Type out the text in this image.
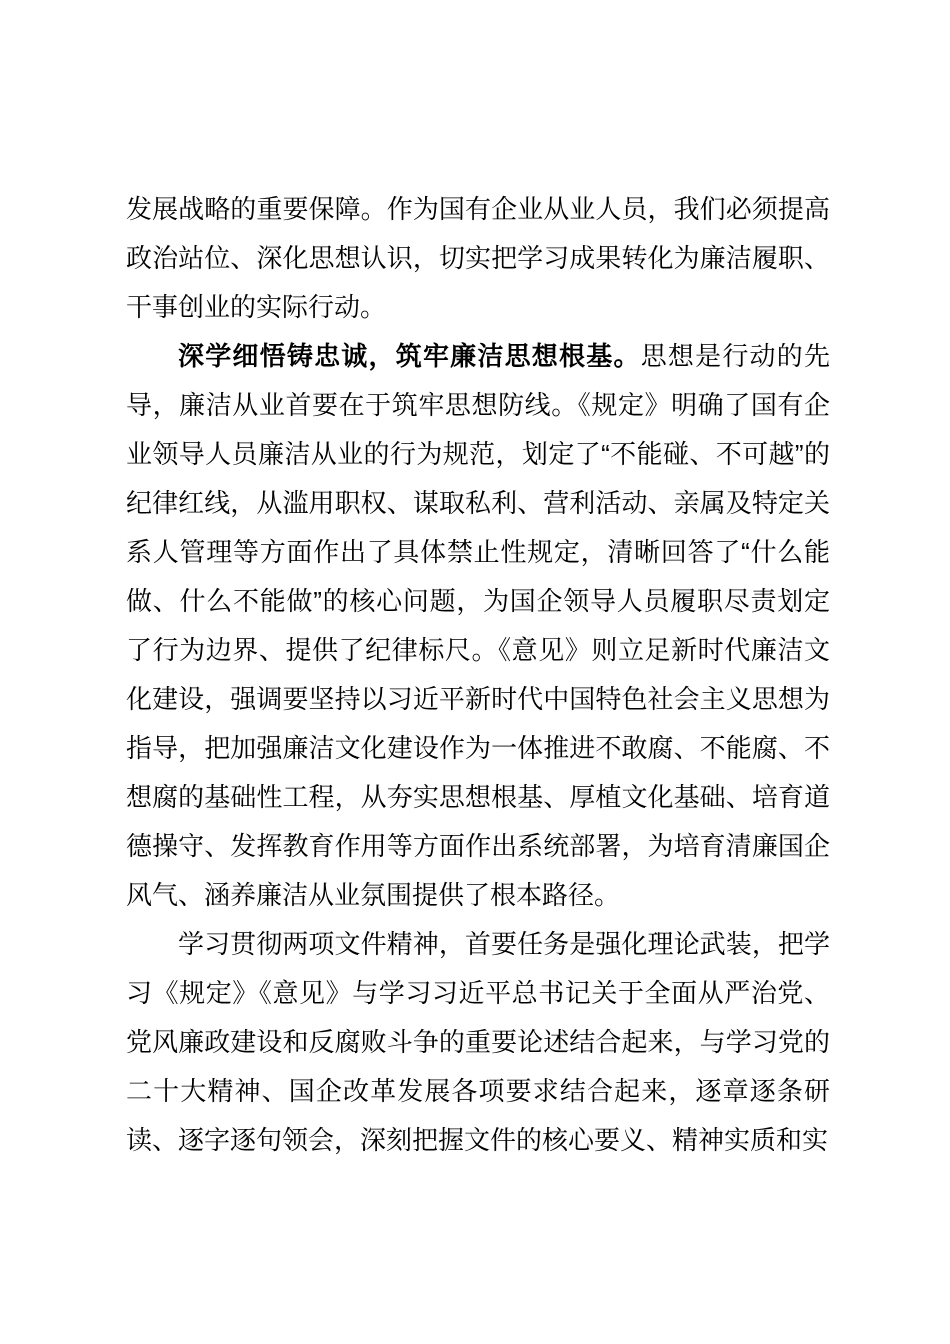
发展战略的重要保障。作为国有企业从业人员，我们必须提高政治站位、深化思想认识，切实把学习成果转化为廉洁履职、干事创业的实际行动。

深学细悟铸忠诚，筑牢廉洁思想根基。思想是行动的先导，廉洁从业首要在于筑牢思想防线。《规定》明确了国有企业领导人员廉洁从业的行为规范，划定了“不能碰、不可越”的纪律红线，从滥用职权、谋取私利、营利活动、亲属及特定关系人管理等方面作出了具体禁止性规定，清晰回答了“什么能做、什么不能做”的核心问题，为国企领导人员履职尽责划定了行为边界、提供了纪律标尺。《意见》则立足新时代廉洁文化建设，强调要坚持以习近平新时代中国特色社会主义思想为指导，把加强廉洁文化建设作为一体推进不敢腐、不能腐、不想腐的基础性工程，从夯实思想根基、厚植文化基础、培育道德操守、发挥教育作用等方面作出系统部署，为培育清廉国企风气、涵养廉洁从业氛围提供了根本路径。

学习贯彻两项文件精神，首要任务是强化理论武装，把学习《规定》《意见》与学习习近平总书记关于全面从严治党、党风廉政建设和反腐败斗争的重要论述结合起来，与学习党的二十大精神、国企改革发展各项要求结合起来，逐章逐条研读、逐字逐句领会，深刻把握文件的核心要义、精神实质和实
